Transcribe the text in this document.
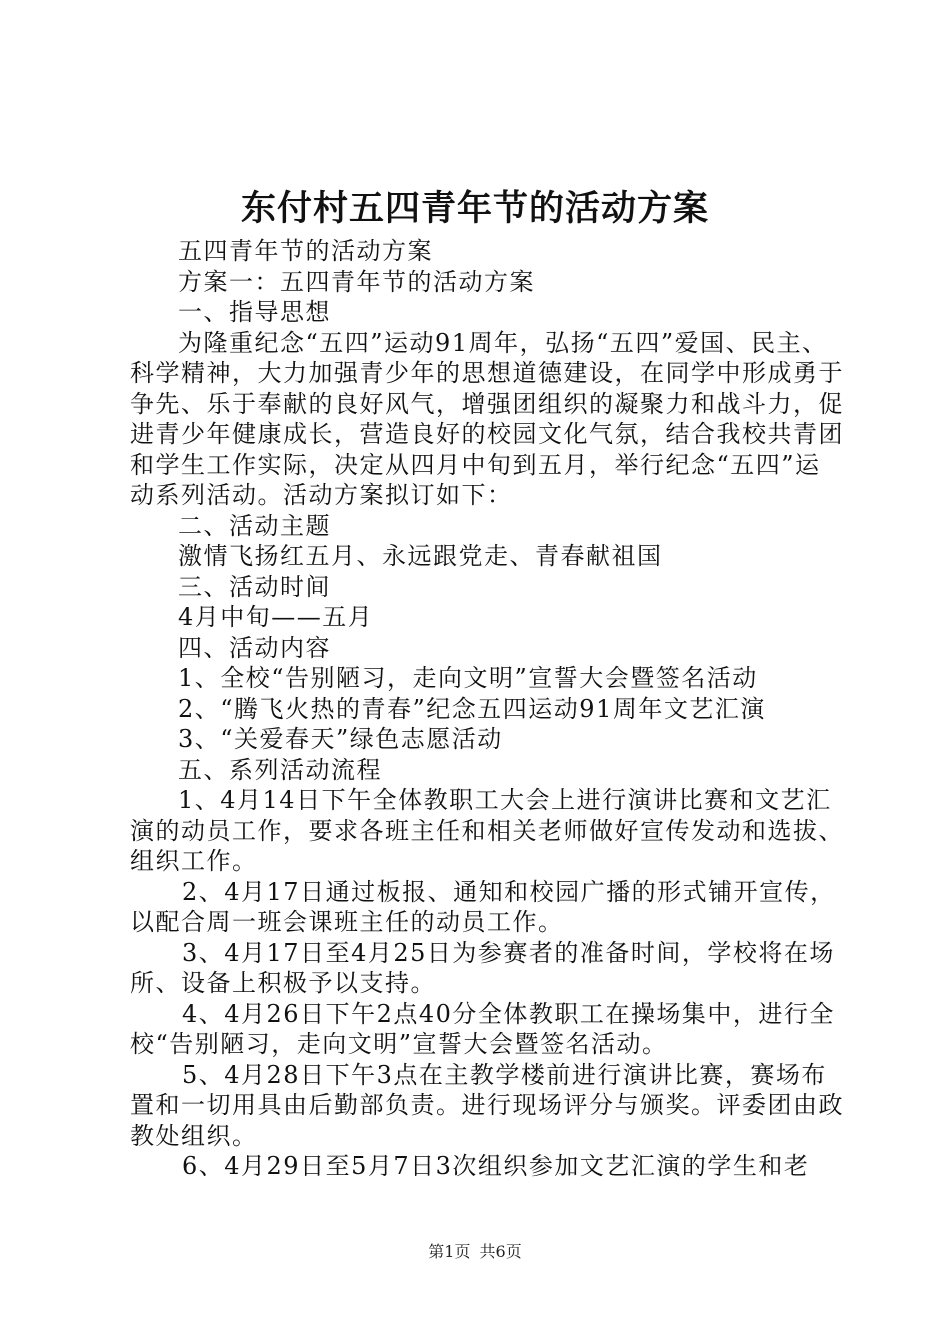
东付村五四青年节的活动方案

五四青年节的活动方案

方案一：五四青年节的活动方案

一、指导思想

为隆重纪念“五四”运动91周年，弘扬“五四”爱国、民主、科学精神，大力加强青少年的思想道德建设，在同学中形成勇于争先、乐于奉献的良好风气，增强团组织的凝聚力和战斗力，促进青少年健康成长，营造良好的校园文化气氛，结合我校共青团和学生工作实际，决定从四月中旬到五月，举行纪念“五四”运动系列活动。活动方案拟订如下：

二、活动主题

激情飞扬红五月、永远跟党走、青春献祖国

三、活动时间

4月中旬——五月

四、活动内容

1、全校“告别陋习，走向文明”宣誓大会暨签名活动

2、“腾飞火热的青春”纪念五四运动91周年文艺汇演

3、“关爱春天”绿色志愿活动

五、系列活动流程

1、4月14日下午全体教职工大会上进行演讲比赛和文艺汇演的动员工作，要求各班主任和相关老师做好宣传发动和选拔、组织工作。

2、4月17日通过板报、通知和校园广播的形式铺开宣传，以配合周一班会课班主任的动员工作。

3、4月17日至4月25日为参赛者的准备时间，学校将在场所、设备上积极予以支持。

4、4月26日下午2点40分全体教职工在操场集中，进行全校“告别陋习，走向文明”宣誓大会暨签名活动。

5、4月28日下午3点在主教学楼前进行演讲比赛，赛场布置和一切用具由后勤部负责。进行现场评分与颁奖。评委团由政教处组织。

6、4月29日至5月7日3次组织参加文艺汇演的学生和老

第1页 共6页
